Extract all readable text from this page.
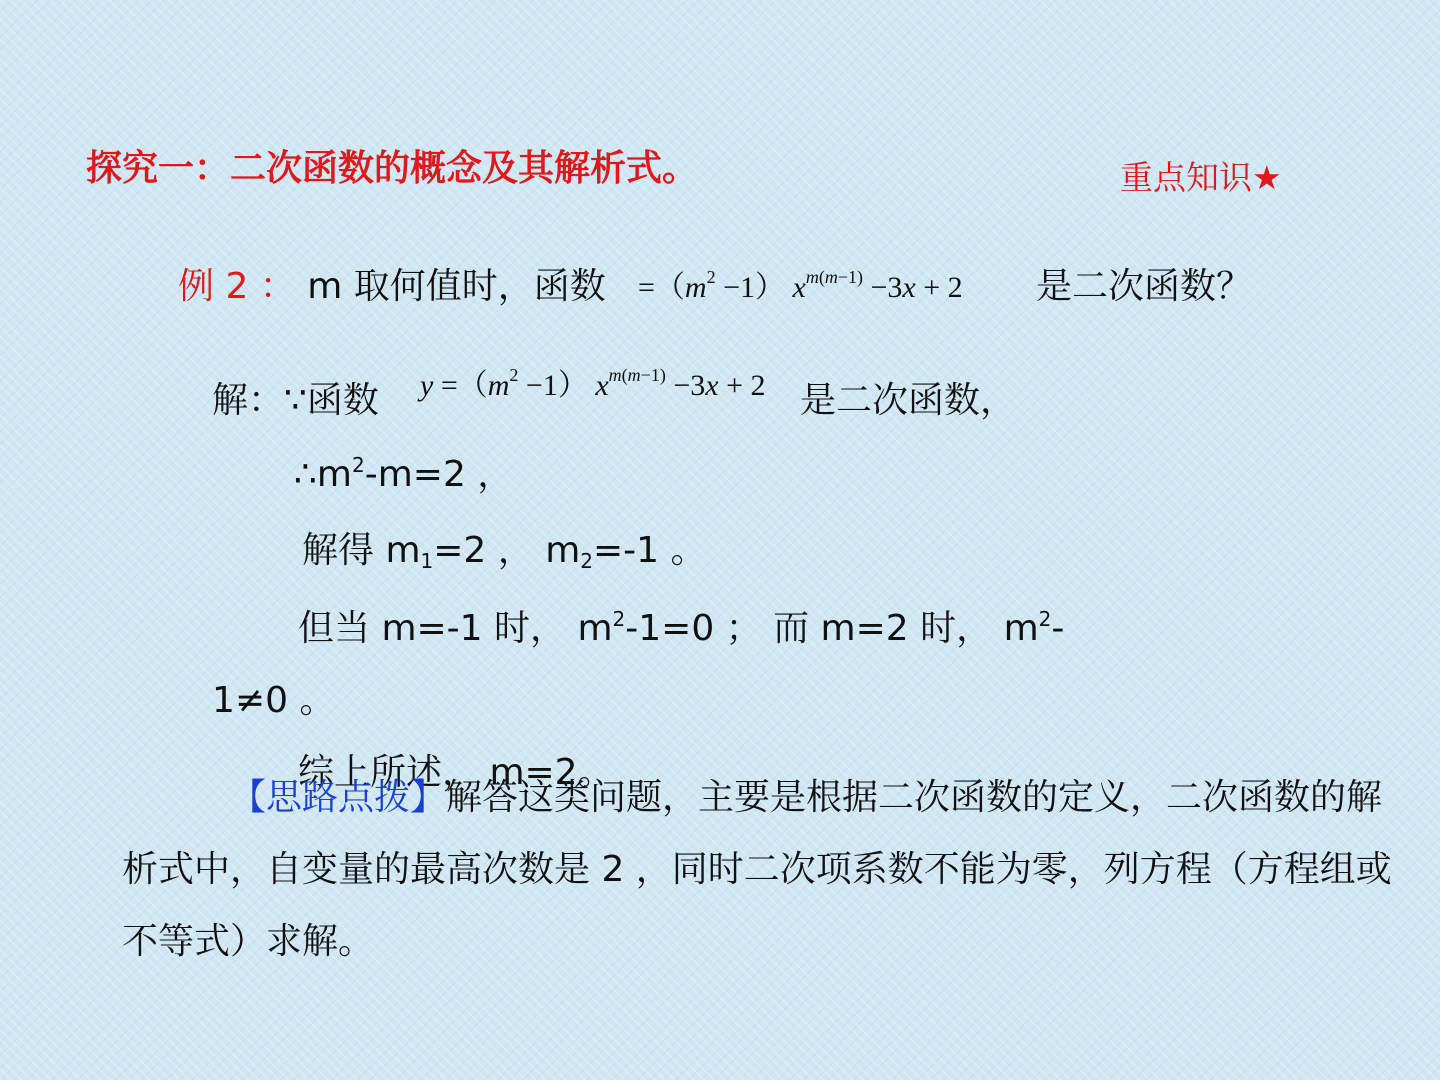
探究一：二次函数的概念及其解析式。	重点知识★
例 2 ： m 取何值时，函数 $=(m^2 -1)$ $x^{m(m-1)} -3x + 2$ 是二次函数？
解：∵函数 $y =(m^2 -1)$ $x^{m(m-1)} -3x + 2$ 是二次函数，
$\therefore m^2-m=2$ ，
解得 $m_1=2$ ， $m_2=-1$ 。
但当 m=-1 时， $m^2-1=0$ ； 而 m=2 时， $m^2-$
1≠0 。
综上所述， m=2。
【思路点拨】解答这类问题，主要是根据二次函数的定义，二次函数的解析式中，自变量的最高次数是 2 ，同时二次项系数不能为零，列方程（方程组或不等式）求解。
